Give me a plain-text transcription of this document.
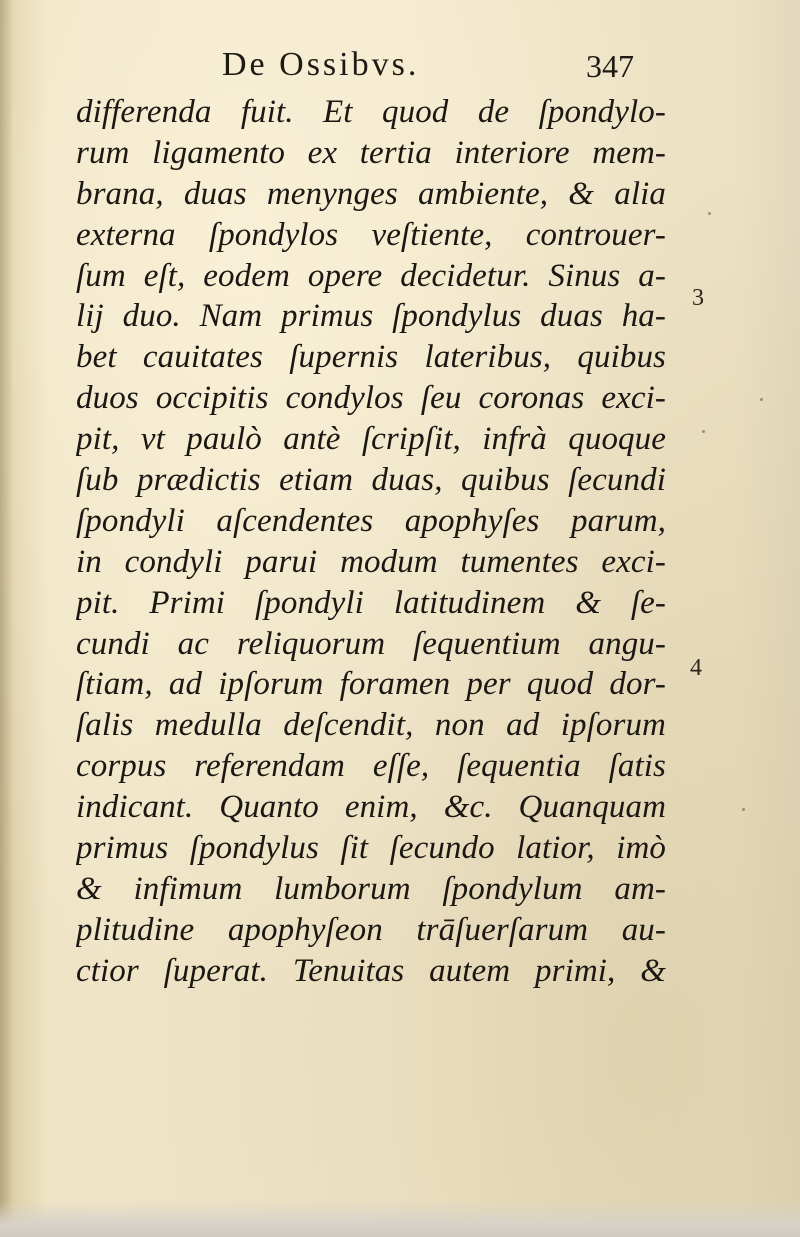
De Ossibvs.	347
differenda fuit. Et quod de ſpondylo-
rum ligamento ex tertia interiore mem-
brana, duas menynges ambiente, & alia
externa ſpondylos veſtiente, controuer-
ſum eſt, eodem opere decidetur. Sinus a-
lij duo. Nam primus ſpondylus duas ha-
bet cauitates ſupernis lateribus, quibus
duos occipitis condylos ſeu coronas exci-
pit, vt paulò antè ſcripſit, infrà quoque
ſub prædictis etiam duas, quibus ſecundi
ſpondyli aſcendentes apophyſes parum,
in condyli parui modum tumentes exci-
pit. Primi ſpondyli latitudinem & ſe-
cundi ac reliquorum ſequentium angu-
ſtiam, ad ipſorum foramen per quod dor-
ſalis medulla deſcendit, non ad ipſorum
corpus referendam eſſe, ſequentia ſatis
indicant. Quanto enim, &c. Quanquam
primus ſpondylus ſit ſecundo latior, imò
& infimum lumborum ſpondylum am-
plitudine apophyſeon trāſuerſarum au-
ctior ſuperat. Tenuitas autem primi, &
3
4
